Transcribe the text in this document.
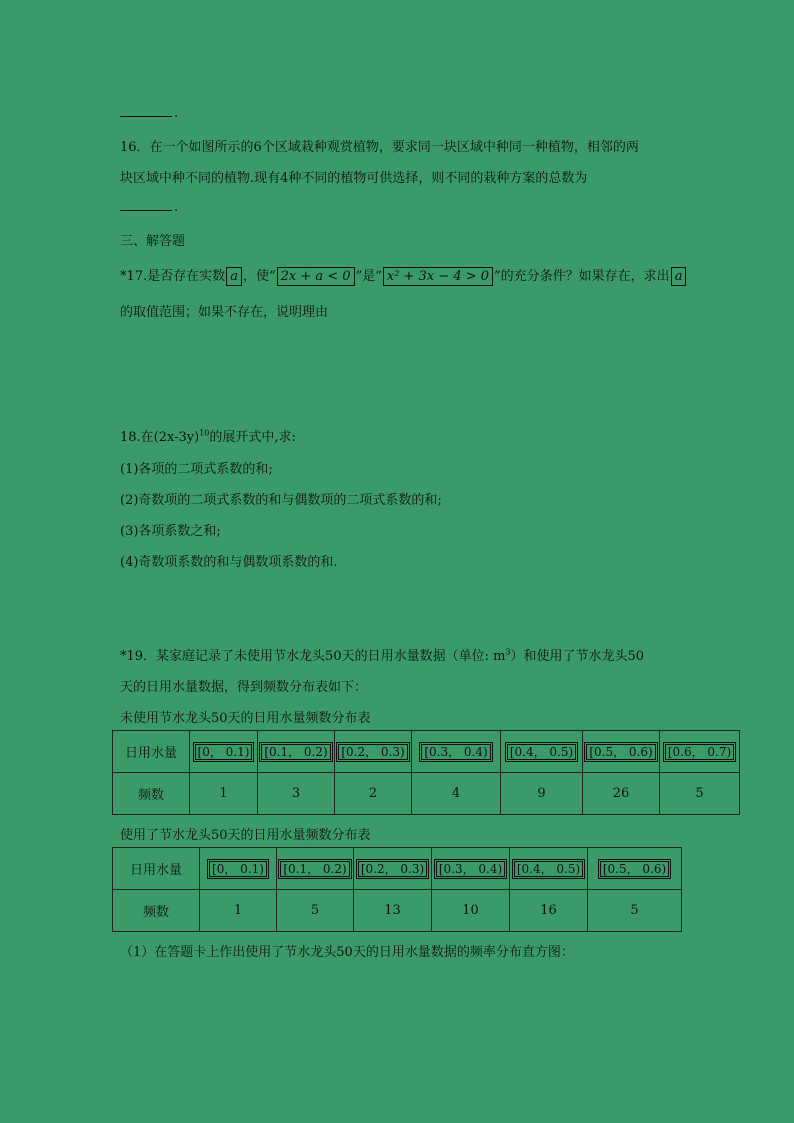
.
16．在一个如图所示的6个区域栽种观赏植物，要求同一块区域中种同一种植物，相邻的两
块区域中种不同的植物.现有4种不同的植物可供选择，则不同的栽种方案的总数为
.
三、解答题
*17.是否存在实数 a ，使“ 2x + a < 0 ”是“ x² + 3x − 4 > 0 ”的充分条件？如果存在，求出 a
的取值范围；如果不存在，说明理由
18.在$(2x-3y)^{10}$的展开式中,求:
(1)各项的二项式系数的和;
(2)奇数项的二项式系数的和与偶数项的二项式系数的和;
(3)各项系数之和;
(4)奇数项系数的和与偶数项系数的和.
*19．某家庭记录了未使用节水龙头50天的日用水量数据（单位: $m^3$）和使用了节水龙头50
天的日用水量数据，得到频数分布表如下：
未使用节水龙头50天的日用水量频数分布表
日用水量	[0， 0.1)	[0.1， 0.2)	[0.2， 0.3)	[0.3， 0.4)	[0.4， 0.5)	[0.5， 0.6)	[0.6， 0.7)
频数	1	3	2	4	9	26	5
使用了节水龙头50天的日用水量频数分布表
日用水量	[0， 0.1)	[0.1， 0.2)	[0.2， 0.3)	[0.3， 0.4)	[0.4， 0.5)	[0.5， 0.6)
频数	1	5	13	10	16	5
（1）在答题卡上作出使用了节水龙头50天的日用水量数据的频率分布直方图：
